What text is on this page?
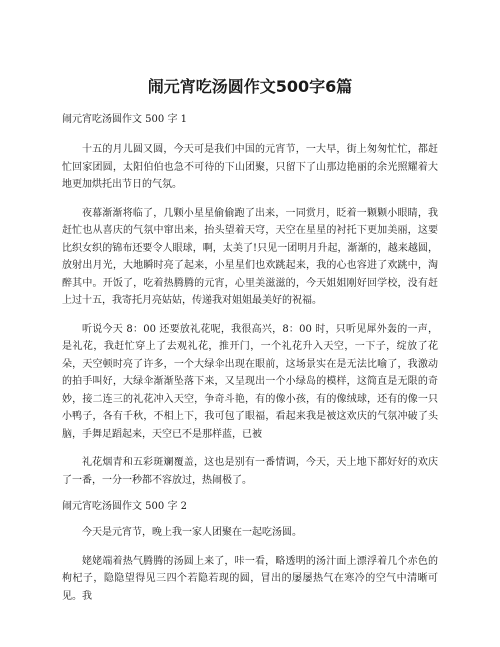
闹元宵吃汤圆作文500字6篇
闹元宵吃汤圆作文 500 字 1

十五的月儿圆又圆，今天可是我们中国的元宵节，一大早，街上匆匆忙忙，都赶忙回家团圆，太阳伯伯也急不可待的下山团聚，只留下了山那边艳丽的余光照耀着大地更加烘托出节日的气氛。

夜幕渐渐将临了，几颗小星星偷偷跑了出来，一同赏月，眨着一颗颗小眼睛，我赶忙也从喜庆的气氛中窜出来，抬头望着天穹，天空在星星的衬托下更加美丽，这要比织女织的锦布还要令人眼球，啊，太美了!只见一团明月升起，渐渐的，越来越圆，放射出月光，大地瞬时亮了起来，小星星们也欢跳起来，我的心也容进了欢跳中，淘醉其中。开饭了，吃着热腾腾的元宵，心里美滋滋的，今天姐姐刚好回学校，没有赶上过十五，我寄托月亮姑姑，传递我对姐姐最美好的祝福。

听说今天 8：00 还要放礼花呢，我很高兴，8：00 时，只听见犀外轰的一声，是礼花，我赶忙穿上了去观礼花，推开门，一个礼花升入天空，一下子，绽放了花朵，天空顿时亮了许多，一个大绿伞出现在眼前，这场景实在是无法比喻了，我激动的拍手叫好，大绿伞渐渐坠落下来，又呈现出一个小绿岛的模样，这简直是无限的奇妙，接二连三的礼花冲入天空，争奇斗艳，有的像小孩，有的像绒球，还有的像一只小鸭子，各有千秋，不相上下，我可包了眼福，看起来我是被这欢庆的气氛冲破了头脑，手舞足蹈起来，天空已不是那样蓝，已被

礼花烟青和五彩斑斓覆盖，这也是别有一番情调，今天，天上地下都好好的欢庆了一番，一分一秒都不容放过，热闹极了。

闹元宵吃汤圆作文 500 字 2

今天是元宵节，晚上我一家人团聚在一起吃汤圆。

姥姥端着热气腾腾的汤圆上来了，咔一看，略透明的汤汁面上漂浮着几个赤色的枸杞子，隐隐望得见三四个若隐若现的圆，冒出的屡屡热气在寒冷的空气中清晰可见。我
